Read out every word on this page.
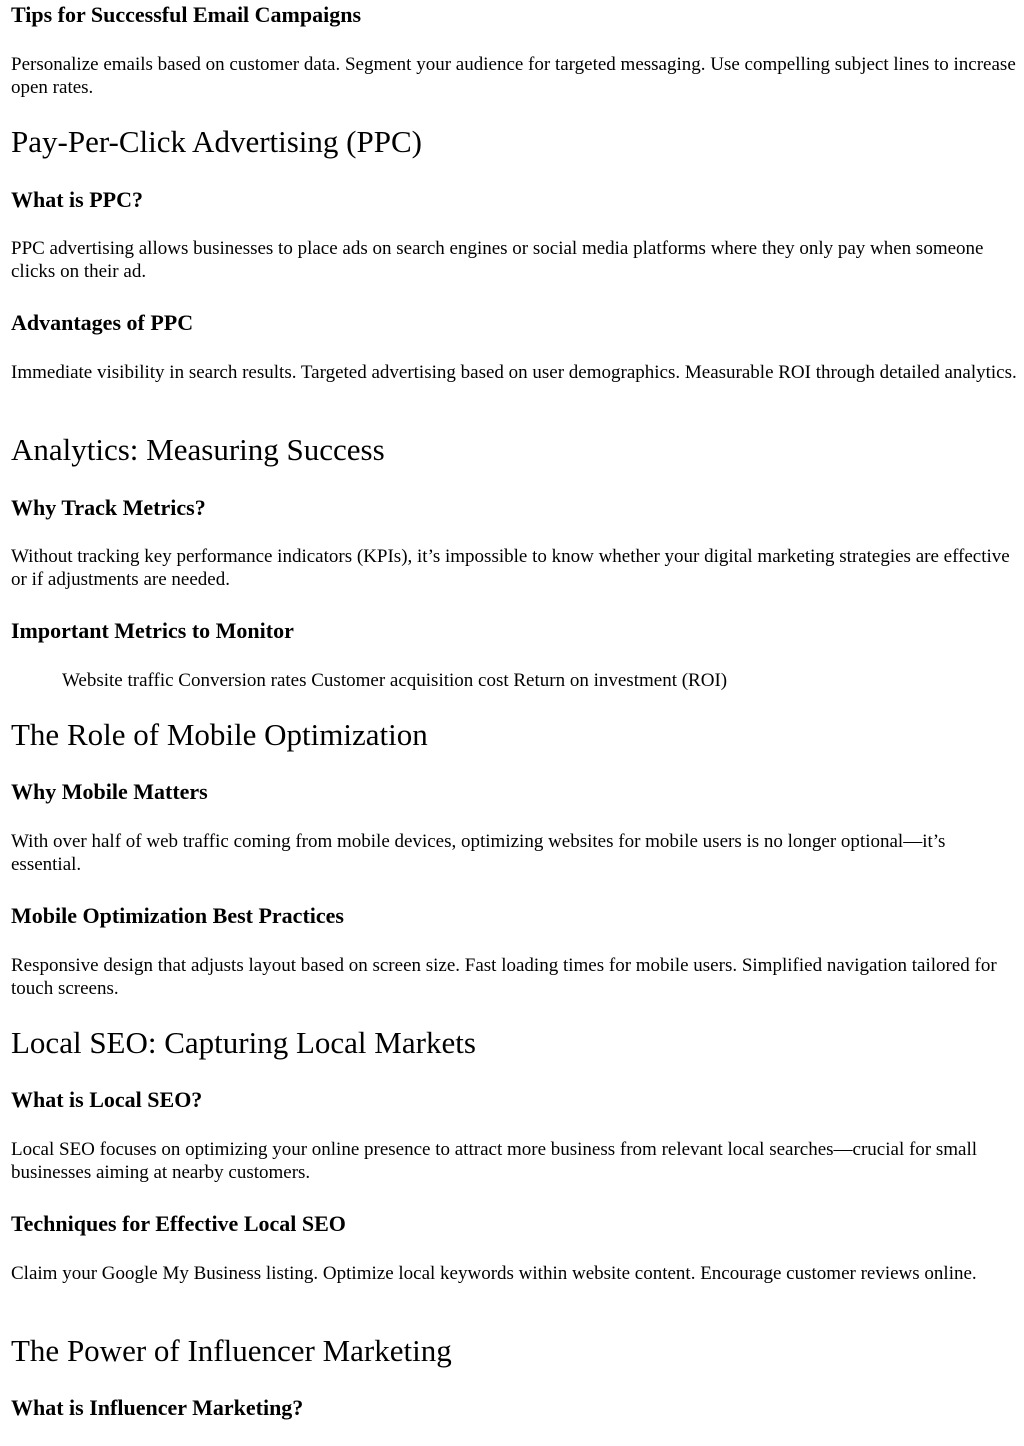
Tips for Successful Email Campaigns

Personalize emails based on customer data. Segment your audience for targeted messaging. Use compelling subject lines to increase open rates.

Pay-Per-Click Advertising (PPC)
What is PPC?

PPC advertising allows businesses to place ads on search engines or social media platforms where they only pay when someone clicks on their ad.

Advantages of PPC

Immediate visibility in search results. Targeted advertising based on user demographics. Measurable ROI through detailed analytics.

Analytics: Measuring Success
Why Track Metrics?

Without tracking key performance indicators (KPIs), it’s impossible to know whether your digital marketing strategies are effective or if adjustments are needed.

Important Metrics to Monitor

Website traffic Conversion rates Customer acquisition cost Return on investment (ROI)

The Role of Mobile Optimization
Why Mobile Matters

With over half of web traffic coming from mobile devices, optimizing websites for mobile users is no longer optional—it’s essential.

Mobile Optimization Best Practices

Responsive design that adjusts layout based on screen size. Fast loading times for mobile users. Simplified navigation tailored for touch screens.

Local SEO: Capturing Local Markets
What is Local SEO?

Local SEO focuses on optimizing your online presence to attract more business from relevant local searches—crucial for small businesses aiming at nearby customers.

Techniques for Effective Local SEO

Claim your Google My Business listing. Optimize local keywords within website content. Encourage customer reviews online.

The Power of Influencer Marketing
What is Influencer Marketing?
